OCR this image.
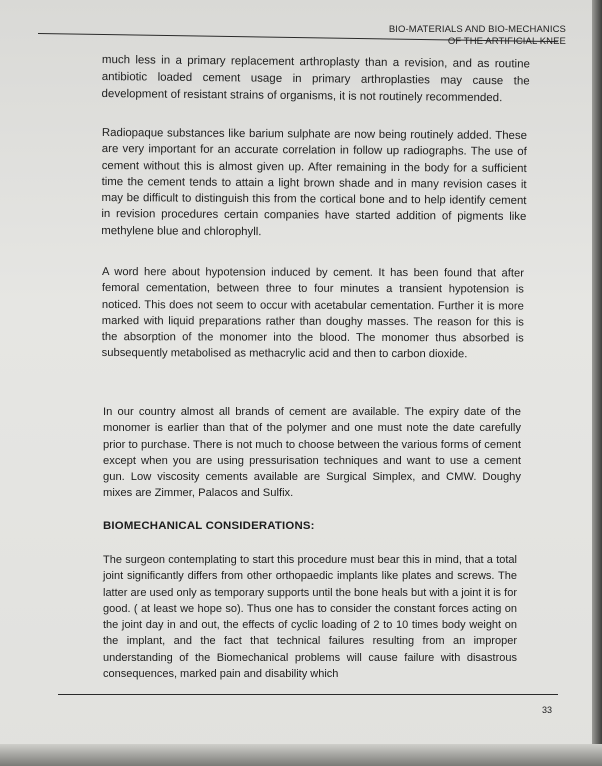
BIO-MATERIALS AND BIO-MECHANICS
OF THE ARTIFICIAL KNEE

much less in a primary replacement arthroplasty than a revision, and as routine antibiotic loaded cement usage in primary arthroplasties may cause the development of resistant strains of organisms, it is not routinely recommended.

Radiopaque substances like barium sulphate are now being routinely added. These are very important for an accurate correlation in follow up radiographs. The use of cement without this is almost given up. After remaining in the body for a sufficient time the cement tends to attain a light brown shade and in many revision cases it may be difficult to distinguish this from the cortical bone and to help identify cement in revision procedures certain companies have started addition of pigments like methylene blue and chlorophyll.

A word here about hypotension induced by cement. It has been found that after femoral cementation, between three to four minutes a transient hypotension is noticed. This does not seem to occur with acetabular cementation. Further it is more marked with liquid preparations rather than doughy masses. The reason for this is the absorption of the monomer into the blood. The monomer thus absorbed is subsequently metabolised as methacrylic acid and then to carbon dioxide.

In our country almost all brands of cement are available. The expiry date of the monomer is earlier than that of the polymer and one must note the date carefully prior to purchase. There is not much to choose between the various forms of cement except when you are using pressurisation techniques and want to use a cement gun. Low viscosity cements available are Surgical Simplex, and CMW. Doughy mixes are Zimmer, Palacos and Sulfix.

BIOMECHANICAL CONSIDERATIONS:

The surgeon contemplating to start this procedure must bear this in mind, that a total joint significantly differs from other orthopaedic implants like plates and screws. The latter are used only as temporary supports until the bone heals but with a joint it is for good. ( at least we hope so). Thus one has to consider the constant forces acting on the joint day in and out, the effects of cyclic loading of 2 to 10 times body weight on the implant, and the fact that technical failures resulting from an improper understanding of the Biomechanical problems will cause failure with disastrous consequences, marked pain and disability which

33
